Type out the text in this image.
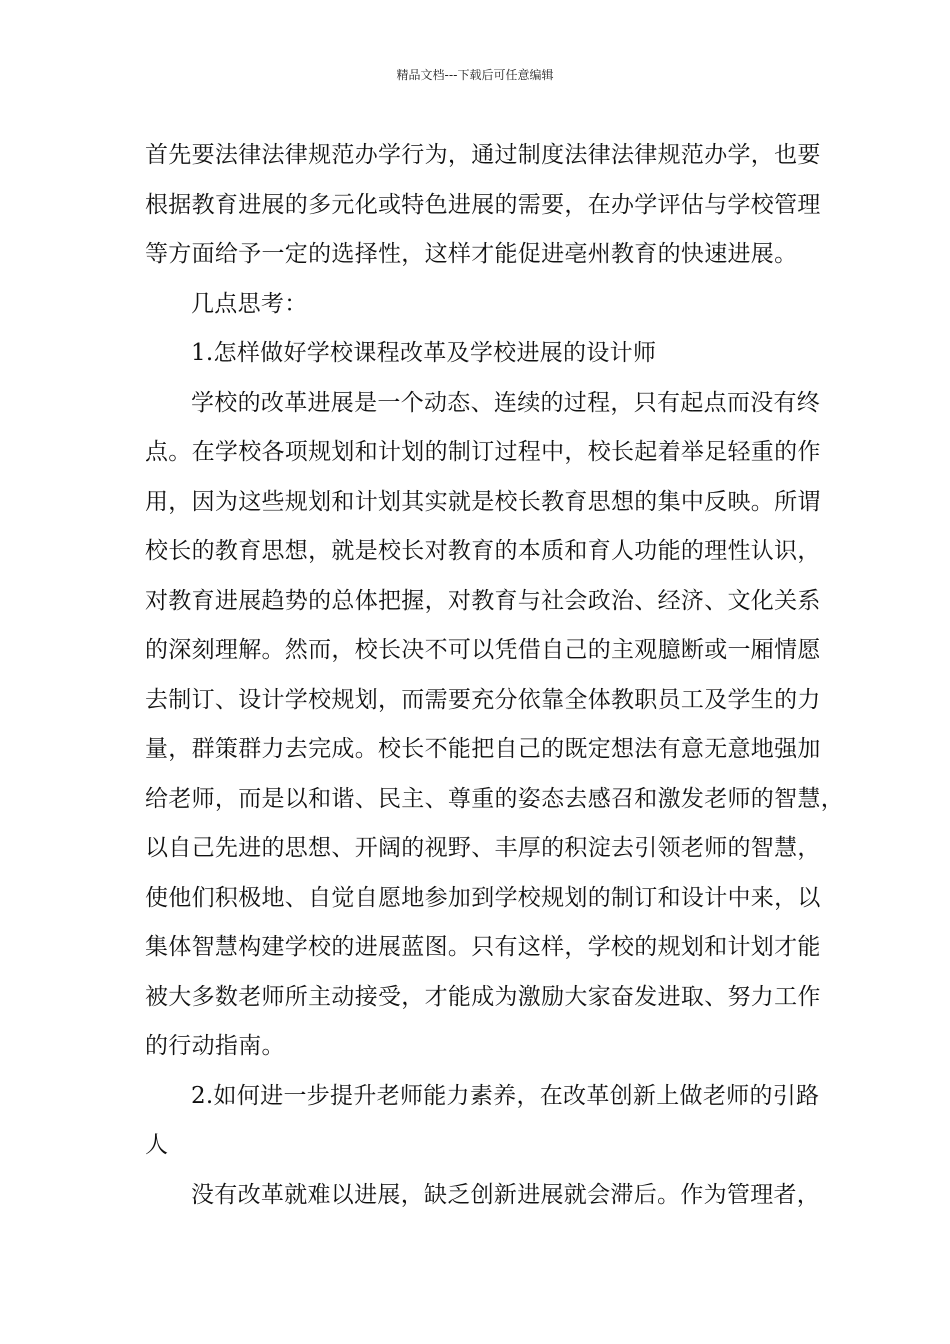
精品文档---下载后可任意编辑
首先要法律法律规范办学行为，通过制度法律法律规范办学，也要
根据教育进展的多元化或特色进展的需要，在办学评估与学校管理
等方面给予一定的选择性，这样才能促进亳州教育的快速进展。
几点思考：
1.怎样做好学校课程改革及学校进展的设计师
学校的改革进展是一个动态、连续的过程，只有起点而没有终
点。在学校各项规划和计划的制订过程中，校长起着举足轻重的作
用，因为这些规划和计划其实就是校长教育思想的集中反映。所谓
校长的教育思想，就是校长对教育的本质和育人功能的理性认识，
对教育进展趋势的总体把握，对教育与社会政治、经济、文化关系
的深刻理解。然而，校长决不可以凭借自己的主观臆断或一厢情愿
去制订、设计学校规划，而需要充分依靠全体教职员工及学生的力
量，群策群力去完成。校长不能把自己的既定想法有意无意地强加
给老师，而是以和谐、民主、尊重的姿态去感召和激发老师的智慧，
以自己先进的思想、开阔的视野、丰厚的积淀去引领老师的智慧，
使他们积极地、自觉自愿地参加到学校规划的制订和设计中来，以
集体智慧构建学校的进展蓝图。只有这样，学校的规划和计划才能
被大多数老师所主动接受，才能成为激励大家奋发进取、努力工作
的行动指南。
2.如何进一步提升老师能力素养，在改革创新上做老师的引路
人
没有改革就难以进展，缺乏创新进展就会滞后。作为管理者，
